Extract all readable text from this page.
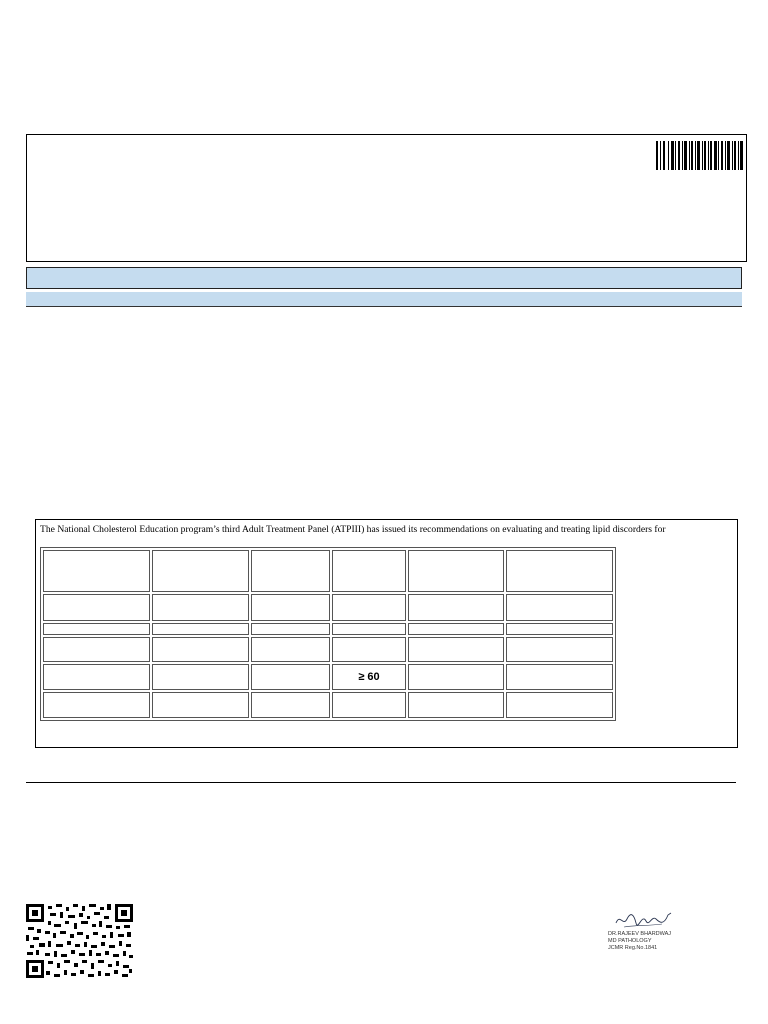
The National Cholesterol Education program’s third Adult Treatment Panel (ATPIII) has issued its recommendations on evaluating and treating lipid discorders for

			≥ 60		

DR.RAJEEV BHARDWAJ
MD PATHOLOGY
JCMR Reg.No.1841
